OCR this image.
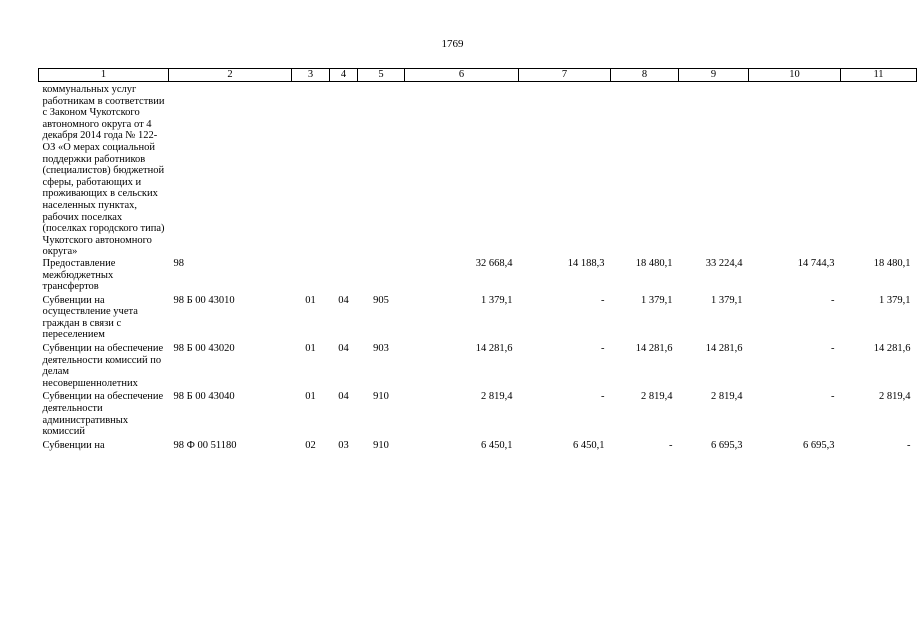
1769
1	2	3	4	5	6	7	8	9	10	11
коммунальных услуг работникам в соответствии с Законом Чукотского автономного округа от 4 декабря 2014 года № 122-ОЗ «О мерах социальной поддержки работников (специалистов) бюджетной сферы, работающих и проживающих в сельских населенных пунктах, рабочих поселках (поселках городского типа) Чукотского автономного округа»										
Предоставление межбюджетных трансфертов	98				32 668,4	14 188,3	18 480,1	33 224,4	14 744,3	18 480,1
Субвенции на осуществление учета граждан в связи с переселением	98 Б 00 43010	01	04	905	1 379,1	-	1 379,1	1 379,1	-	1 379,1
Субвенции на обеспечение деятельности комиссий по делам несовершеннолетних	98 Б 00 43020	01	04	903	14 281,6	-	14 281,6	14 281,6	-	14 281,6
Субвенции на обеспечение деятельности административных комиссий	98 Б 00 43040	01	04	910	2 819,4	-	2 819,4	2 819,4	-	2 819,4
Субвенции на	98 Ф 00 51180	02	03	910	6 450,1	6 450,1	-	6 695,3	6 695,3	-
